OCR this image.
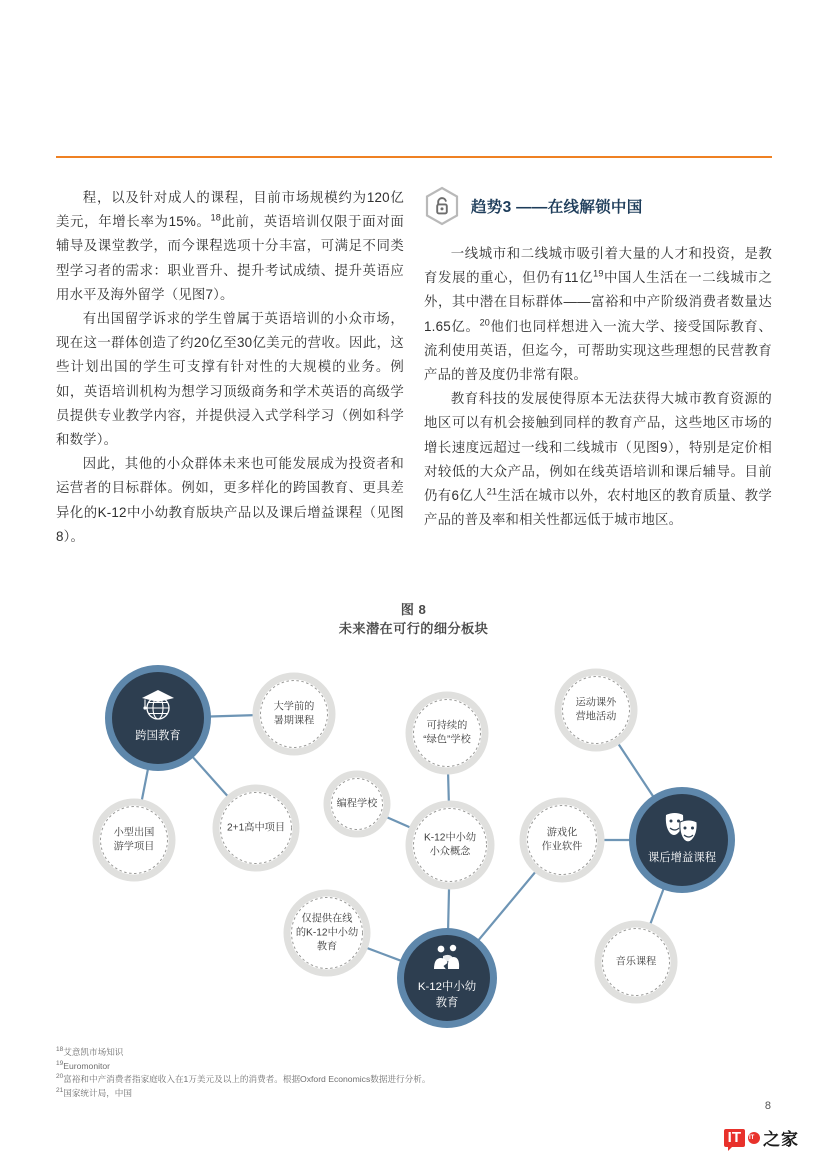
程，以及针对成人的课程，目前市场规模约为120亿美元，年增长率为15%。$^{18}$此前，英语培训仅限于面对面辅导及课堂教学，而今课程选项十分丰富，可满足不同类型学习者的需求：职业晋升、提升考试成绩、提升英语应用水平及海外留学（见图7）。

有出国留学诉求的学生曾属于英语培训的小众市场，现在这一群体创造了约20亿至30亿美元的营收。因此，这些计划出国的学生可支撑有针对性的大规模的业务。例如，英语培训机构为想学习顶级商务和学术英语的高级学员提供专业教学内容，并提供浸入式学科学习（例如科学和数学）。

因此，其他的小众群体未来也可能发展成为投资者和运营者的目标群体。例如，更多样化的跨国教育、更具差异化的K-12中小幼教育版块产品以及课后增益课程（见图8）。

趋势3 ——在线解锁中国

一线城市和二线城市吸引着大量的人才和投资，是教育发展的重心，但仍有11亿$^{19}$中国人生活在一二线城市之外，其中潜在目标群体——富裕和中产阶级消费者数量达1.65亿。$^{20}$他们也同样想进入一流大学、接受国际教育、流利使用英语，但迄今，可帮助实现这些理想的民营教育产品的普及度仍非常有限。

教育科技的发展使得原本无法获得大城市教育资源的地区可以有机会接触到同样的教育产品，这些地区市场的增长速度远超过一线和二线城市（见图9），特别是定价相对较低的大众产品，例如在线英语培训和课后辅导。目前仍有6亿人$^{21}$生活在城市以外，农村地区的教育质量、教学产品的普及率和相关性都远低于城市地区。

图 8
未来潜在可行的细分板块
大学前的
暑期课程
小型出国
游学项目
2+1高中项目
可持续的
“绿色”学校
编程学校
K-12中小幼
小众概念
仅提供在线
的K-12中小幼
教育
游戏化
作业软件
运动课外
营地活动
音乐课程
跨国教育
K-12中小幼
教育
课后增益课程
$^{18}$艾意凯市场知识
$^{19}$Euromonitor
$^{20}$富裕和中产消费者指家庭收入在1万美元及以上的消费者。根据Oxford Economics数据进行分析。
$^{21}$国家统计局，中国
8
IT IT 之家
